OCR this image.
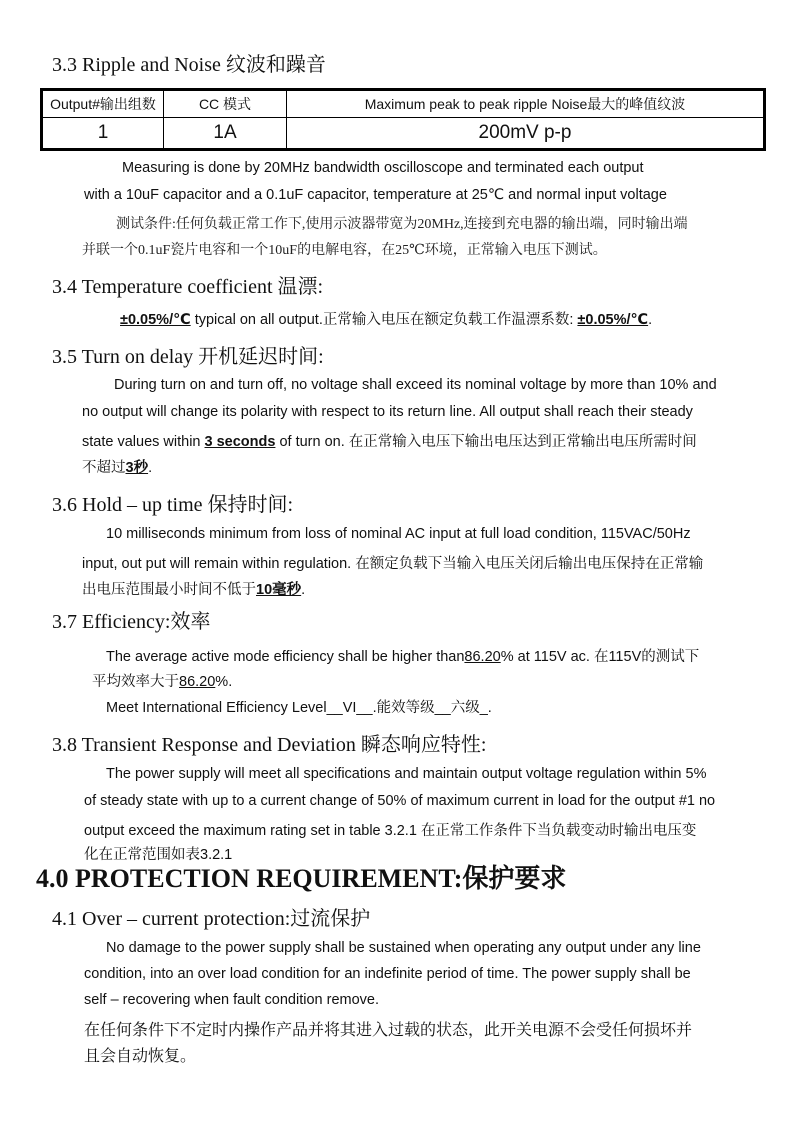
3.3 Ripple and Noise 纹波和躁音
Output#输出组数	CC 模式	Maximum peak to peak ripple Noise最大的峰值纹波
1	1A	200mV p-p
Measuring is done by 20MHz bandwidth oscilloscope and terminated each output
with a 10uF capacitor and a 0.1uF capacitor, temperature at 25℃ and normal input voltage
测试条件:任何负载正常工作下,使用示波器带宽为20MHz,连接到充电器的输出端，同时输出端
并联一个0.1uF瓷片电容和一个10uF的电解电容，在25℃环境，正常输入电压下测试。
3.4 Temperature coefficient 温漂:
±0.05%/℃ typical on all output.正常输入电压在额定负载工作温漂系数: ±0.05%/℃.
3.5 Turn on delay 开机延迟时间:
During turn on and turn off, no voltage shall exceed its nominal voltage by more than 10% and
no output will change its polarity with respect to its return line. All output shall reach their steady
state values within 3 seconds of turn on. 在正常输入电压下输出电压达到正常输出电压所需时间
不超过3秒.
3.6 Hold – up time 保持时间:
10 milliseconds minimum from loss of nominal AC input at full load condition, 115VAC/50Hz
input, out put will remain within regulation. 在额定负载下当输入电压关闭后输出电压保持在正常输
出电压范围最小时间不低于10毫秒.
3.7 Efficiency:效率
The average active mode efficiency shall be higher than86.20% at 115V ac. 在115V的测试下
平均效率大于86.20%.
Meet International Efficiency Level__VI__.能效等级__六级_.
3.8 Transient Response and Deviation 瞬态响应特性:
The power supply will meet all specifications and maintain output voltage regulation within 5%
of steady state with up to a current change of 50% of maximum current in load for the output #1 no
output exceed the maximum rating set in table 3.2.1 在正常工作条件下当负载变动时输出电压变
化在正常范围如表3.2.1
4.0 PROTECTION REQUIREMENT:保护要求
4.1 Over – current protection:过流保护
No damage to the power supply shall be sustained when operating any output under any line
condition, into an over load condition for an indefinite period of time. The power supply shall be
self – recovering when fault condition remove.
在任何条件下不定时内操作产品并将其进入过载的状态，此开关电源不会受任何损坏并
且会自动恢复。
